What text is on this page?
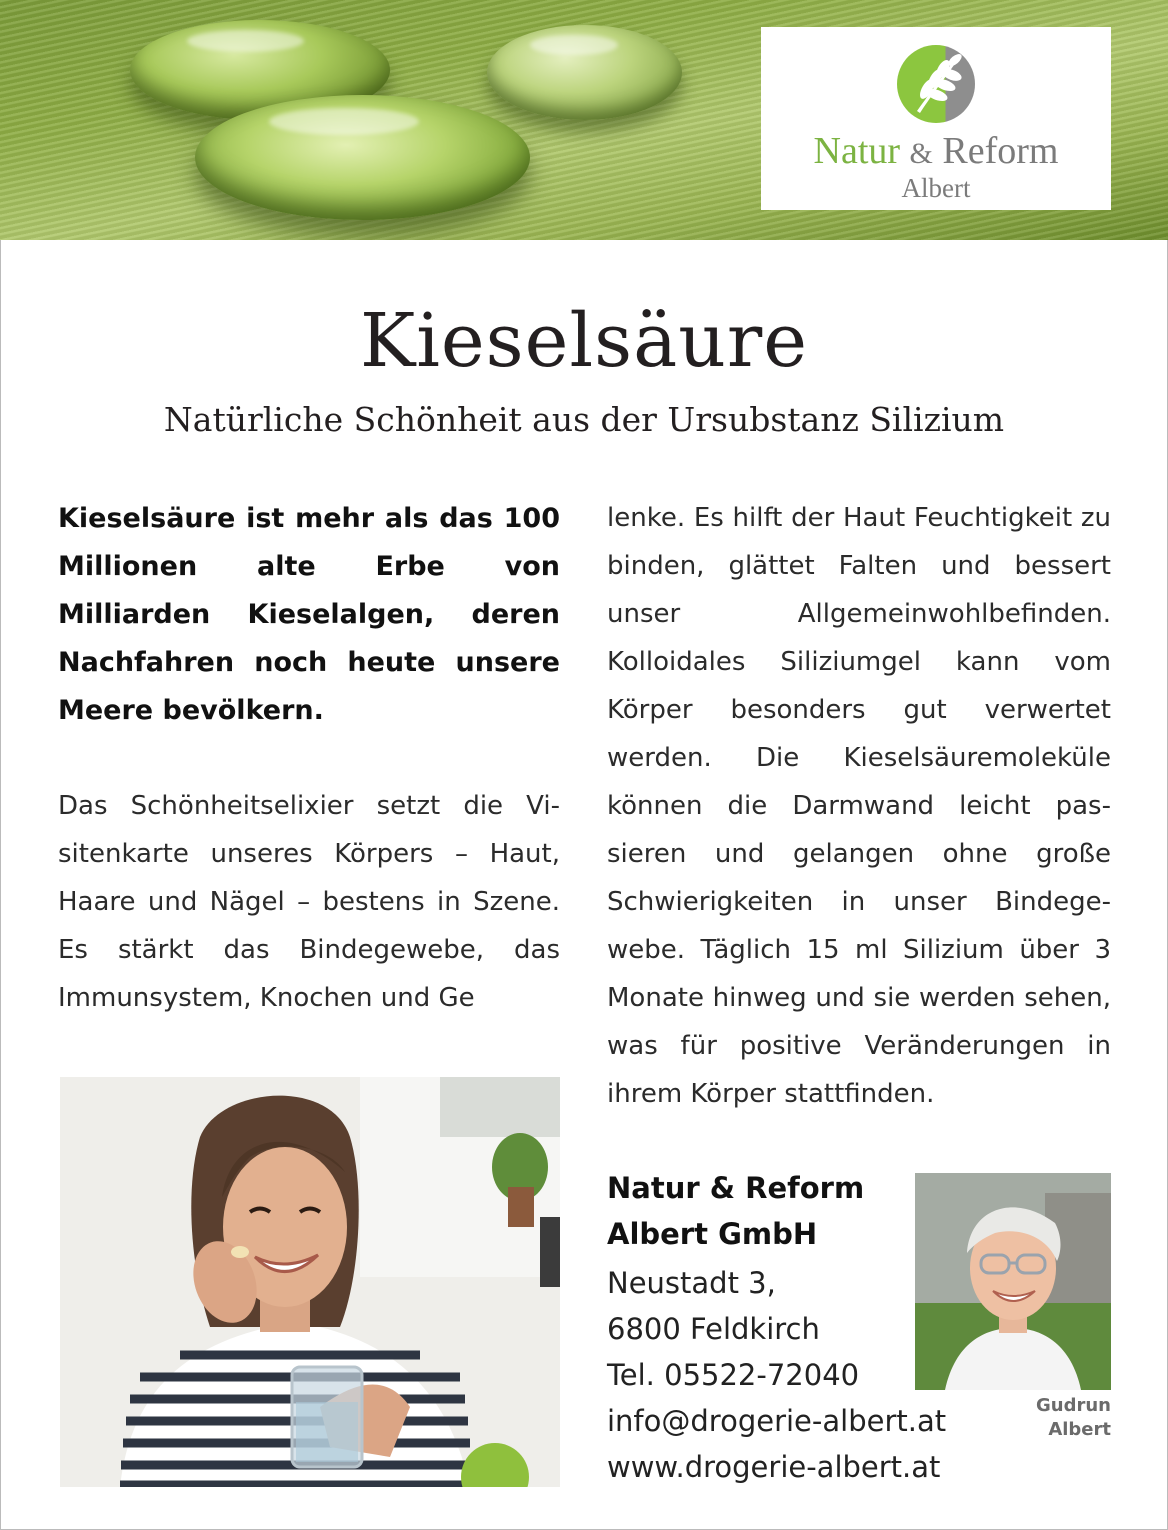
Natur & Reform
Albert
Kieselsäure
Natürliche Schönheit aus der Ursubstanz Silizium

Kieselsäure ist mehr als das 100 Millionen alte Erbe von Milliarden Kieselalgen, deren Nachfahren noch heute unsere Meere bevölkern.

Das Schönheitselixier setzt die Visitenkarte unseres Körpers – Haut, Haare und Nägel – bestens in Szene. Es stärkt das Bindegewebe, das Immunsystem, Knochen und Ge

lenke. Es hilft der Haut Feuchtigkeit zu binden, glättet Falten und bessert unser Allgemeinwohlbefinden. Kolloidales Siliziumgel kann vom Körper besonders gut verwertet werden. Die Kieselsäuremoleküle können die Darmwand leicht passieren und gelangen ohne große Schwierigkeiten in unser Bindegewebe. Täglich 15 ml Silizium über 3 Monate hinweg und sie werden sehen, was für positive Veränderungen in ihrem Körper stattfinden.

Natur & Reform
Albert GmbH
Neustadt 3,
6800 Feldkirch
Tel. 05522-72040
info@drogerie-albert.at
www.drogerie-albert.at
Gudrun
Albert
